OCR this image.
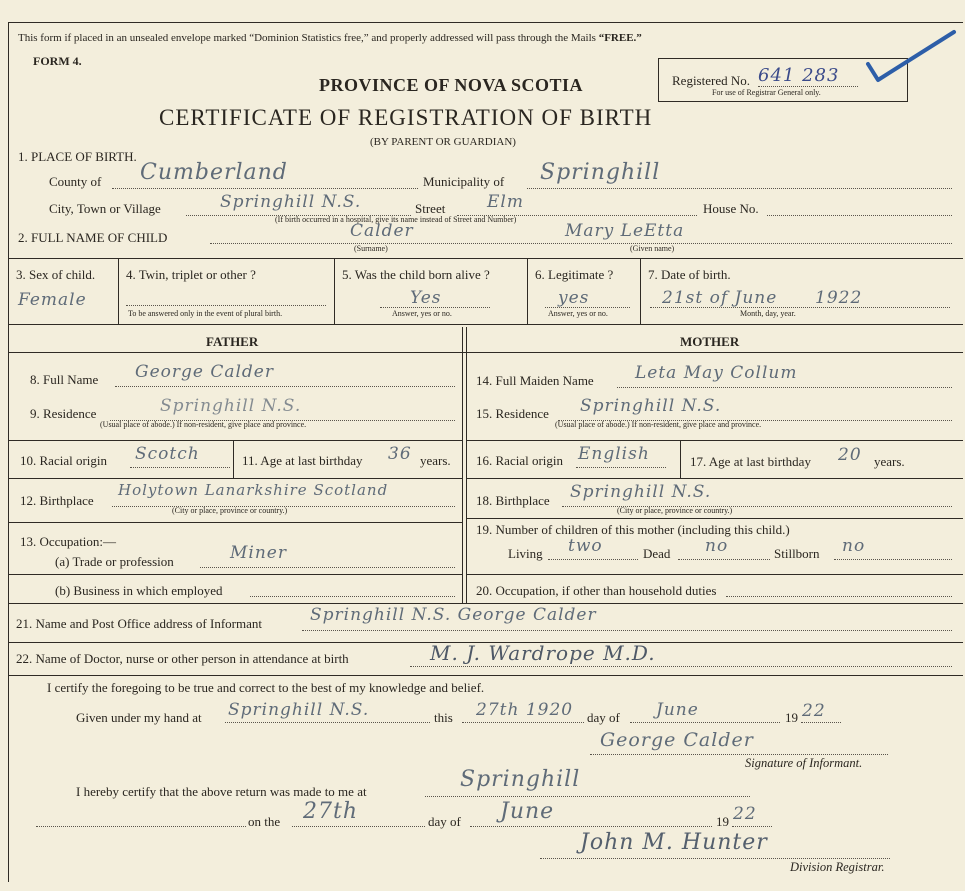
This form if placed in an unsealed envelope marked “Dominion Statistics free,” and properly addressed will pass through the Mails “FREE.”
FORM 4.
PROVINCE OF NOVA SCOTIA
CERTIFICATE OF REGISTRATION OF BIRTH
(BY PARENT OR GUARDIAN)
Registered No. 641 283
For use of Registrar General only.
1. PLACE OF BIRTH.
County of Cumberland	Municipality of Springhill
City, Town or Village	Springhill N.S.	Street Elm	House No.
(If birth occurred in a hospital, give its name instead of Street and Number)
2. FULL NAME OF CHILD	Calder	Mary LeEtta
(Surname)	(Given name)
3. Sex of child.
Female
4. Twin, triplet or other ?
To be answered only in the event of plural birth.
5. Was the child born alive ?
Yes
Answer, yes or no.
6. Legitimate ?
yes
Answer, yes or no.
7. Date of birth.
21st of June 1922
Month, day, year.
FATHER	MOTHER
8. Full Name George Calder
9. Residence	Springhill N.S.
(Usual place of abode.) If non-resident, give place and province.
10. Racial origin Scotch	11. Age at last birthday 36 years.
12. Birthplace
Holytown Lanarkshire Scotland
(City or place, province or country.)
13. Occupation:—
(a) Trade or profession	Miner
(b) Business in which employed
14. Full Maiden Name Leta May Collum
15. Residence Springhill N.S.
(Usual place of abode.) If non-resident, give place and province.
16. Racial origin English	17. Age at last birthday 20 years.
18. Birthplace Springhill N.S.
(City or place, province or country.)
19. Number of children of this mother (including this child.)
Living two	Dead no	Stillborn no
20. Occupation, if other than household duties
21. Name and Post Office address of Informant	Springhill N.S. George Calder
22. Name of Doctor, nurse or other person in attendance at birth	M. J. Wardrope M.D.
I certify the foregoing to be true and correct to the best of my knowledge and belief.
Given under my hand at Springhill N.S.	this 27th 1920 day of June	19 22
George Calder
Signature of Informant.
I hereby certify that the above return was made to me at	Springhill
on the 27th	day of June	19 22
John M. Hunter
Division Registrar.
